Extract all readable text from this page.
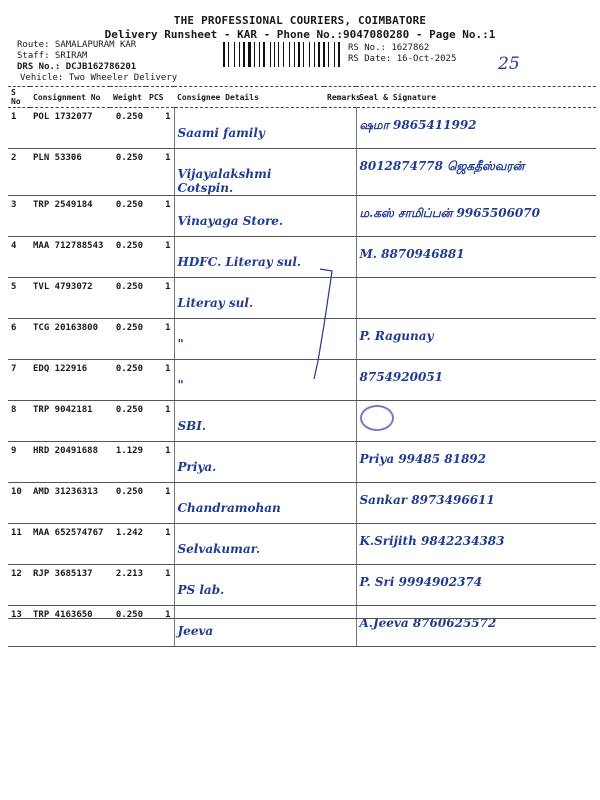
THE PROFESSIONAL COURIERS, COIMBATORE
Delivery Runsheet - KAR - Phone No.:9047080280 - Page No.:1
Route: SAMALAPURAM KAR
Staff: SRIRAM
DRS No.: DCJB162786201
Vehicle: Two Wheeler Delivery
RS No.: 1627862
RS Date: 16-Oct-2025 25
S No	Consignment No	Weight	PCS	Consignee Details	Remarks	Seal & Signature
1	POL 1732077	0.250	1	Saami family		ஷமா 9865411992

2	PLN 53306	0.250	1	Vijayalakshmi Cotspin.		8012874778 ஜெகதீஸ்வரன்

3	TRP 2549184	0.250	1	Vinayaga Store.		ம.கஸ் சாமிப்பன் 9965506070

4	MAA 712788543	0.250	1	HDFC. Literay sul.		M. 8870946881

5	TVL 4793072	0.250	1	Literay sul.		

6	TCG 20163800	0.250	1	"		P. Ragunay

7	EDQ 122916	0.250	1	"		8754920051

8	TRP 9042181	0.250	1	SBI.		

9	HRD 20491688	1.129	1	Priya.		Priya 99485 81892

10	AMD 31236313	0.250	1	Chandramohan		Sankar 8973496611

11	MAA 652574767	1.242	1	Selvakumar.		K.Srijith 9842234383

12	RJP 3685137	2.213	1	PS lab.		P. Sri 9994902374

13	TRP 4163650	0.250	1	Jeeva		A.Jeeva 8760625572
